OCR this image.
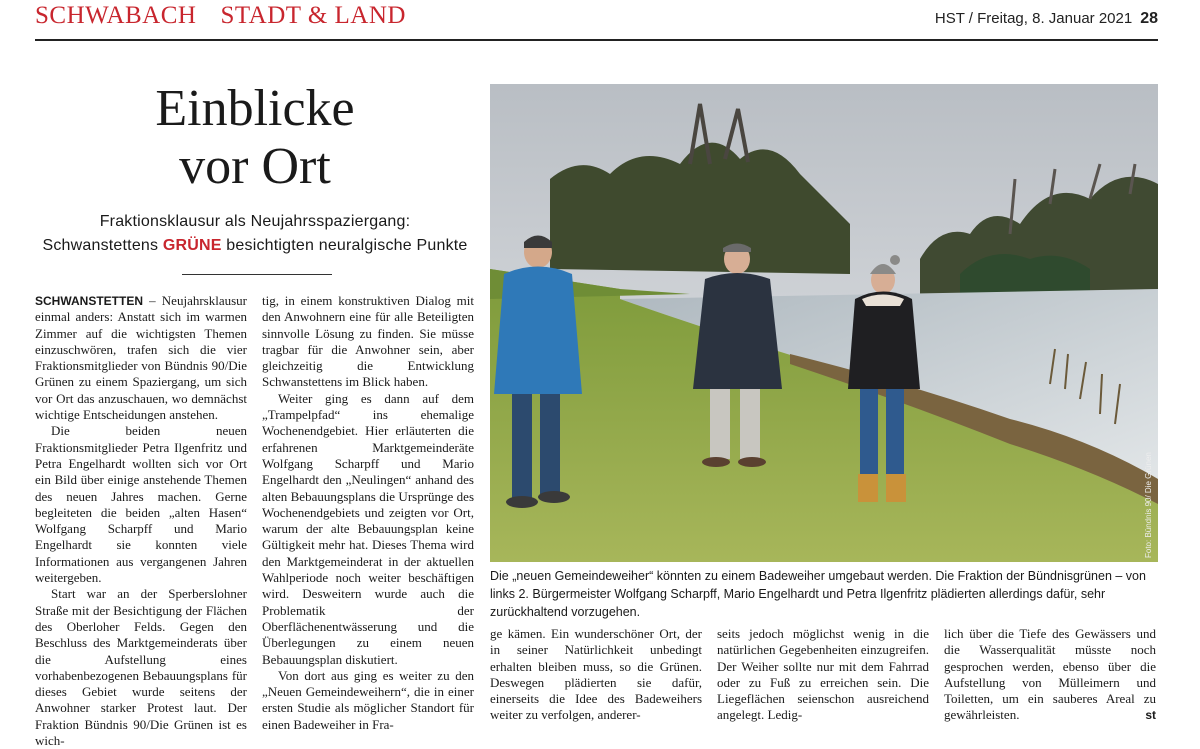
SCHWABACH STADT & LAND	HST / Freitag, 8. Januar 2021 28
Einblicke
vor Ort
Fraktionsklausur als Neujahrsspaziergang:
Schwanstettens GRÜNE besichtigten neuralgische Punkte

SCHWANSTETTEN – Neujahrsklausur einmal anders: Anstatt sich im warmen Zimmer auf die wichtigsten Themen einzuschwören, trafen sich die vier Fraktionsmitglieder von Bündnis 90/Die Grünen zu einem Spaziergang, um sich vor Ort das anzuschauen, wo demnächst wichtige Entscheidungen anstehen.

Die beiden neuen Fraktionsmitglieder Petra Ilgenfritz und Petra Engelhardt wollten sich vor Ort ein Bild über einige anstehende Themen des neuen Jahres machen. Gerne begleiteten die beiden „alten Hasen“ Wolfgang Scharpff und Mario Engelhardt sie konnten viele Informationen aus vergangenen Jahren weitergeben.

Start war an der Sperberslohner Straße mit der Besichtigung der Flächen des Oberloher Felds. Gegen den Beschluss des Marktgemeinderats über die Aufstellung eines vorhabenbezogenen Bebauungsplans für dieses Gebiet wurde seitens der Anwohner starker Protest laut. Der Fraktion Bündnis 90/Die Grünen ist es wich-

tig, in einem konstruktiven Dialog mit den Anwohnern eine für alle Beteiligten sinnvolle Lösung zu finden. Sie müsse tragbar für die Anwohner sein, aber gleichzeitig die Entwicklung Schwanstettens im Blick haben.

Weiter ging es dann auf dem „Trampelpfad“ ins ehemalige Wochenendgebiet. Hier erläuterten die erfahrenen Marktgemeinderäte Wolfgang Scharpff und Mario Engelhardt den „Neulingen“ anhand des alten Bebauungsplans die Ursprünge des Wochenendgebiets und zeigten vor Ort, warum der alte Bebauungsplan keine Gültigkeit mehr hat. Dieses Thema wird den Marktgemeinderat in der aktuellen Wahlperiode noch weiter beschäftigen wird. Desweitern wurde auch die Problematik der Oberflächenentwässerung und die Überlegungen zu einem neuen Bebauungsplan diskutiert.

Von dort aus ging es weiter zu den „Neuen Gemeindeweihern“, die in einer ersten Studie als möglicher Standort für einen Badeweiher in Fra-

ge kämen. Ein wunderschöner Ort, der in seiner Natürlichkeit unbedingt erhalten bleiben muss, so die Grünen. Deswegen plädierten sie dafür, einerseits die Idee des Badeweihers weiter zu verfolgen, anderer-

seits jedoch möglichst wenig in die natürlichen Gegebenheiten einzugreifen. Der Weiher sollte nur mit dem Fahrrad oder zu Fuß zu erreichen sein. Die Liegeflächen seienschon ausreichend angelegt. Ledig-

lich über die Tiefe des Gewässers und die Wasserqualität müsste noch gesprochen werden, ebenso über die Aufstellung von Mülleimern und Toiletten, um ein sauberes Areal zu gewährleisten.	st

Foto: Bündnis 90/ Die Grünen
Die „neuen Gemeindeweiher“ könnten zu einem Badeweiher umgebaut werden. Die Fraktion der Bündnisgrünen – von links 2. Bürgermeister Wolfgang Scharpff, Mario Engelhardt und Petra Ilgenfritz plädierten allerdings dafür, sehr zurückhaltend vorzugehen.
